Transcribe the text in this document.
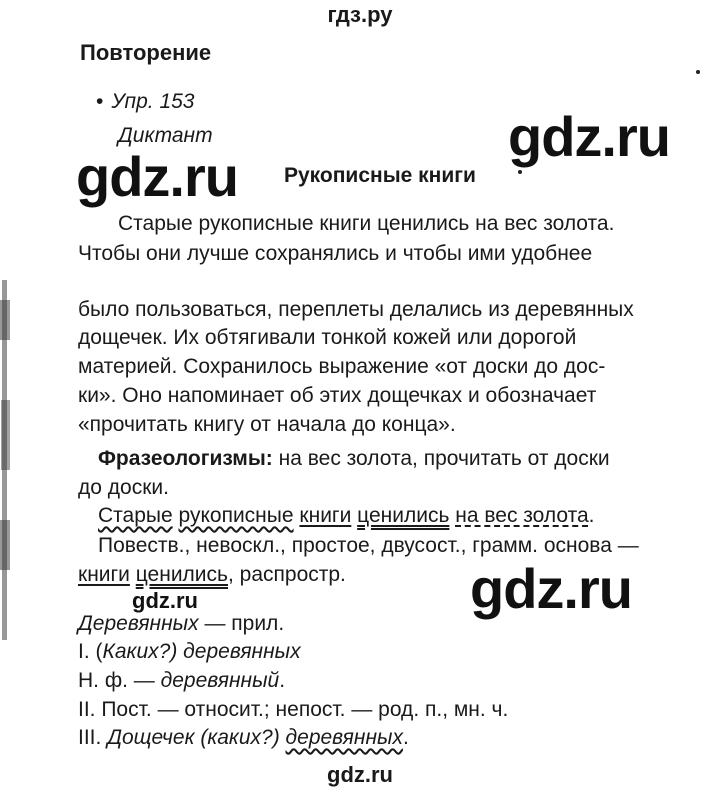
гдз.ру
Повторение
• Упр. 153
Диктант	gdz.ru
gdz.ru Рукописные книги
Старые рукописные книги ценились на вес золота.
Чтобы они лучше сохранялись и чтобы ими удобнее
было пользоваться, переплеты делались из деревянных
дощечек. Их обтягивали тонкой кожей или дорогой
материей. Сохранилось выражение «от доски до дос-
ки». Оно напоминает об этих дощечках и обозначает
«прочитать книгу от начала до конца».
Фразеологизмы: на вес золота, прочитать от доски
до доски.
Старые рукописные книги ценились на вес золота.
Повеств., невоскл., простое, двусост., грамм. основа —
книги ценились, распростр. gdz.ru
gdz.ru
Деревянных — прил.
I. (Каких?) деревянных
Н. ф. — деревянный.
II. Пост. — относит.; непост. — род. п., мн. ч.
III. Дощечек (каких?) деревянных.
gdz.ru
